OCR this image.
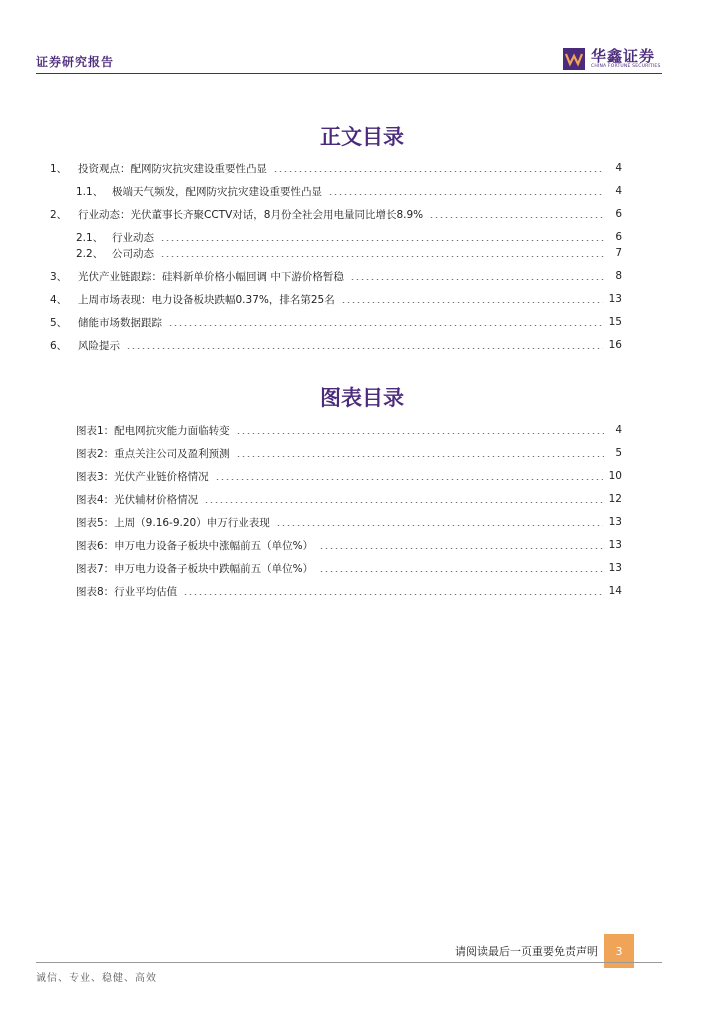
证券研究报告	华鑫证券
CHINA FORTUNE SECURITIES
正文目录
1、	投资观点：配网防灾抗灾建设重要性凸显	4
1.1、 极端天气频发，配网防灾抗灾建设重要性凸显	4
2、	行业动态：光伏董事长齐聚CCTV对话，8月份全社会用电量同比增长8.9%	6
2.1、 行业动态	6
2.2、 公司动态	7
3、	光伏产业链跟踪：硅料新单价格小幅回调 中下游价格暂稳	8
4、	上周市场表现：电力设备板块跌幅0.37%，排名第25名	13
5、	储能市场数据跟踪	15
6、	风险提示	16
图表目录
图表1：配电网抗灾能力面临转变	4
图表2：重点关注公司及盈利预测	5
图表3：光伏产业链价格情况	10
图表4：光伏辅材价格情况	12
图表5：上周（9.16-9.20）申万行业表现	13
图表6：申万电力设备子板块中涨幅前五（单位%）	13
图表7：申万电力设备子板块中跌幅前五（单位%）	13
图表8：行业平均估值	14
请阅读最后一页重要免责声明	3
诚信、专业、稳健、高效
